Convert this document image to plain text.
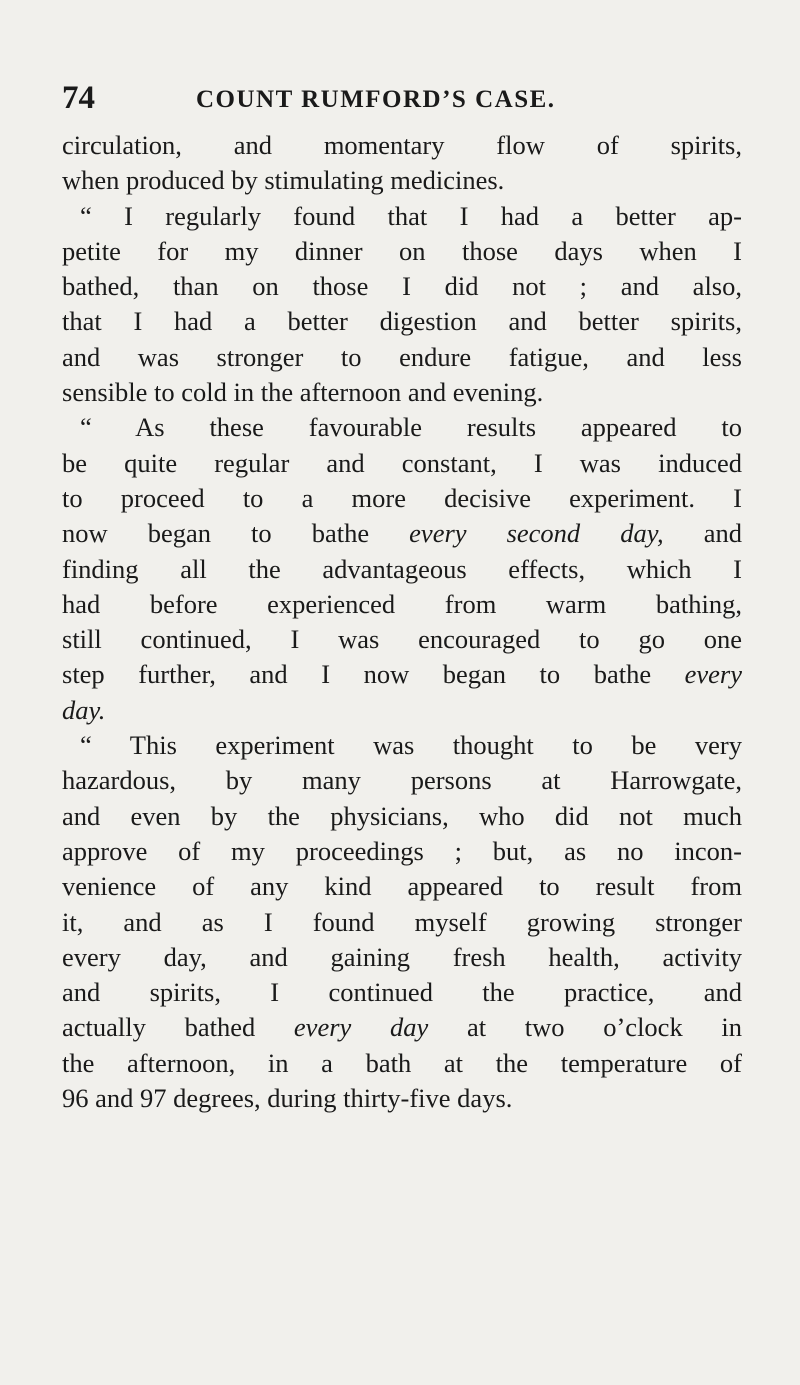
74	COUNT RUMFORD’S CASE.
circulation, and momentary flow of spirits,
when produced by stimulating medicines.
“ I regularly found that I had a better ap-
petite for my dinner on those days when I
bathed, than on those I did not ; and also,
that I had a better digestion and better spirits,
and was stronger to endure fatigue, and less
sensible to cold in the afternoon and evening.
“ As these favourable results appeared to
be quite regular and constant, I was induced
to proceed to a more decisive experiment. I
now began to bathe every second day, and
finding all the advantageous effects, which I
had before experienced from warm bathing,
still continued, I was encouraged to go one
step further, and I now began to bathe every
day.
“ This experiment was thought to be very
hazardous, by many persons at Harrowgate,
and even by the physicians, who did not much
approve of my proceedings ; but, as no incon-
venience of any kind appeared to result from
it, and as I found myself growing stronger
every day, and gaining fresh health, activity
and spirits, I continued the practice, and
actually bathed every day at two o’clock in
the afternoon, in a bath at the temperature of
96 and 97 degrees, during thirty-five days.
